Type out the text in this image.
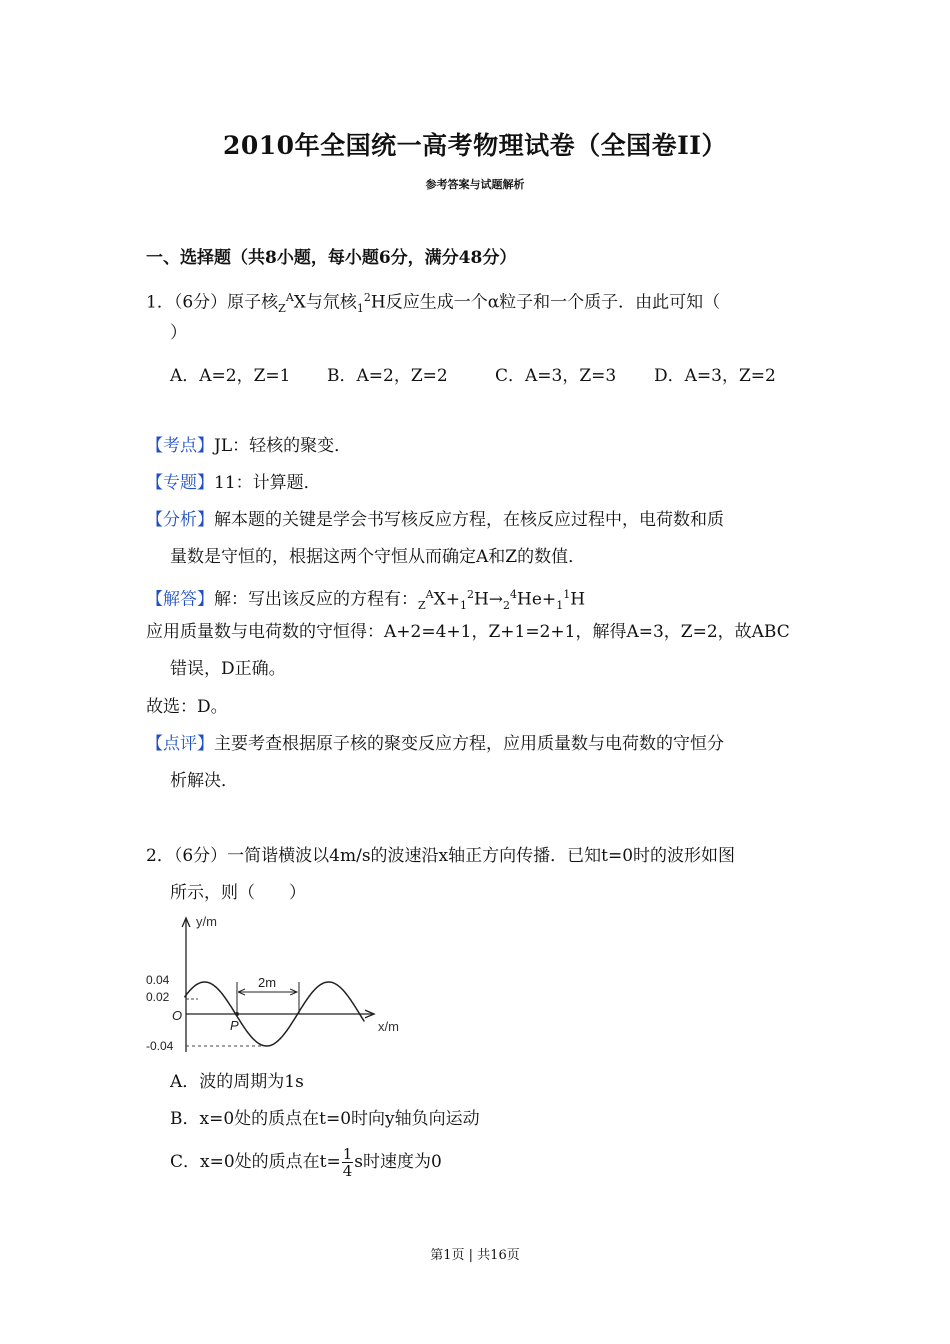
2010年全国统一高考物理试卷（全国卷II）
参考答案与试题解析
一、选择题（共8小题，每小题6分，满分48分）
1．（6分）原子核$_Z^A$X与氘核$_1^2$H反应生成一个α粒子和一个质子．由此可知（
）
A．A=2，Z=1 B．A=2，Z=2	C．A=3，Z=3 D．A=3，Z=2
【考点】JL：轻核的聚变．
【专题】11：计算题．
【分析】解本题的关键是学会书写核反应方程，在核反应过程中，电荷数和质
量数是守恒的，根据这两个守恒从而确定A和Z的数值．
【解答】解：写出该反应的方程有：$_Z^AX+_1^2H\to_2^4He+_1^1H$
应用质量数与电荷数的守恒得：A+2=4+1，Z+1=2+1，解得A=3，Z=2，故ABC
错误，D正确。
故选：D。
【点评】主要考查根据原子核的聚变反应方程，应用质量数与电荷数的守恒分
析解决．
2．（6分）一简谐横波以4m/s的波速沿x轴正方向传播．已知t=0时的波形如图
所示，则（　　）
y/m
x/m
0.04
0.02
-0.04
O
2m
P
A．波的周期为1s
B．x=0处的质点在t=0时向y轴负向运动
C．x=0处的质点在$t= \frac{1}{4}$ s时速度为0
第1页 | 共16页
